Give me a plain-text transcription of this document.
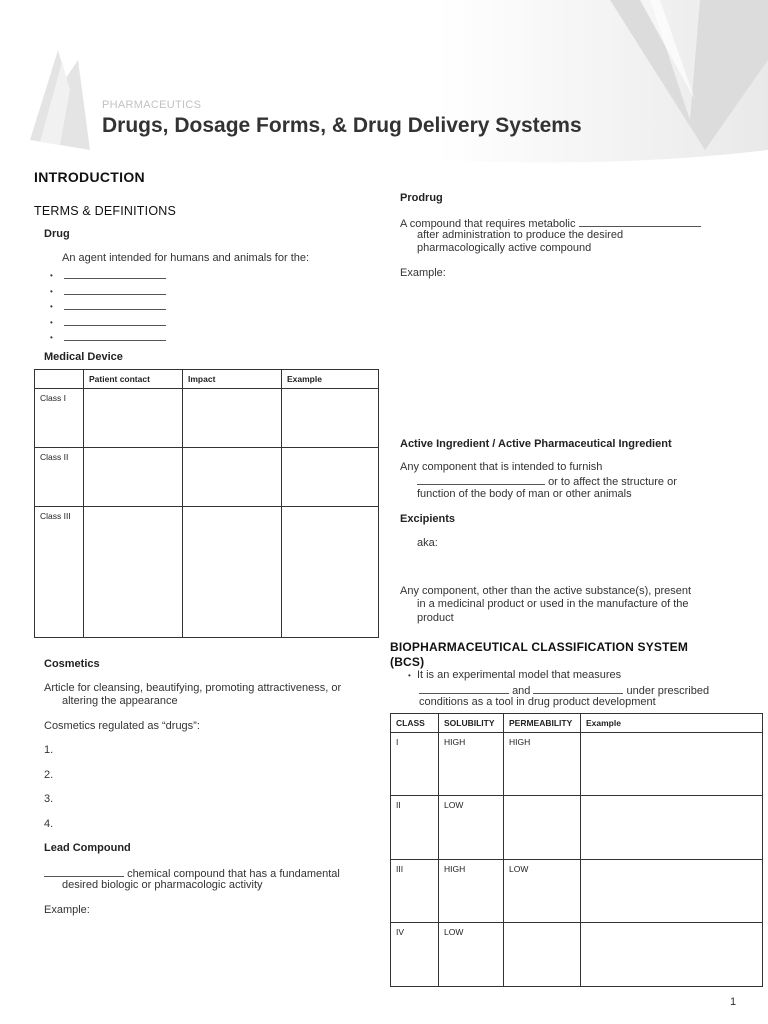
PHARMACEUTICS
Drugs, Dosage Forms, & Drug Delivery Systems
INTRODUCTION
TERMS & DEFINITIONS
Drug
An agent intended for humans and animals for the:
•
•
•
•
•
Medical Device
	Patient contact	Impact	Example
Class I			
Class II			
Class III			
Cosmetics
Article for cleansing, beautifying, promoting attractiveness, or
altering the appearance
Cosmetics regulated as “drugs”:
1.
2.
3.
4.
Lead Compound
chemical compound that has a fundamental
desired biologic or pharmacologic activity
Example:
Prodrug
A compound that requires metabolic
after administration to produce the desired
pharmacologically active compound
Example:
Active Ingredient / Active Pharmaceutical Ingredient
Any component that is intended to furnish
or to affect the structure or
function of the body of man or other animals
Excipients
aka:
Any component, other than the active substance(s), present
in a medicinal product or used in the manufacture of the
product
BIOPHARMACEUTICAL CLASSIFICATION SYSTEM
(BCS)
• It is an experimental model that measures
and	under prescribed
conditions as a tool in drug product development
CLASS	SOLUBILITY	PERMEABILITY	Example
I	HIGH	HIGH	
II	LOW		
III	HIGH	LOW	
IV	LOW		
1
